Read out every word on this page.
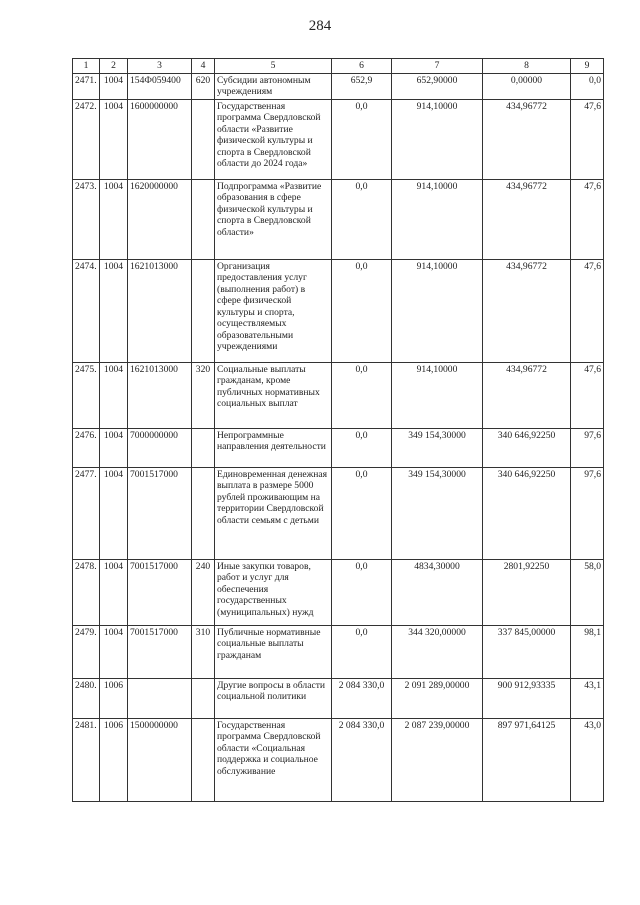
284
1	2	3	4	5	6	7	8	9
2471.	1004	154Ф059400	620	Субсидии автономным учреждениям	652,9	652,90000	0,00000	0,0
2472.	1004	1600000000		Государственная программа Свердловской области «Развитие физической культуры и спорта в Свердловской области до 2024 года»	0,0	914,10000	434,96772	47,6
2473.	1004	1620000000		Подпрограмма «Развитие образования в сфере физической культуры и спорта в Свердловской области»	0,0	914,10000	434,96772	47,6
2474.	1004	1621013000		Организация предоставления услуг (выполнения работ) в сфере физической культуры и спорта, осуществляемых образовательными учреждениями	0,0	914,10000	434,96772	47,6
2475.	1004	1621013000	320	Социальные выплаты гражданам, кроме публичных нормативных социальных выплат	0,0	914,10000	434,96772	47,6
2476.	1004	7000000000		Непрограммные направления деятельности	0,0	349 154,30000	340 646,92250	97,6
2477.	1004	7001517000		Единовременная денежная выплата в размере 5000 рублей проживающим на территории Свердловской области семьям с детьми	0,0	349 154,30000	340 646,92250	97,6
2478.	1004	7001517000	240	Иные закупки товаров, работ и услуг для обеспечения государственных (муниципальных) нужд	0,0	4834,30000	2801,92250	58,0
2479.	1004	7001517000	310	Публичные нормативные социальные выплаты гражданам	0,0	344 320,00000	337 845,00000	98,1
2480.	1006			Другие вопросы в области социальной политики	2 084 330,0	2 091 289,00000	900 912,93335	43,1
2481.	1006	1500000000		Государственная программа Свердловской области «Социальная поддержка и социальное обслуживание	2 084 330,0	2 087 239,00000	897 971,64125	43,0
